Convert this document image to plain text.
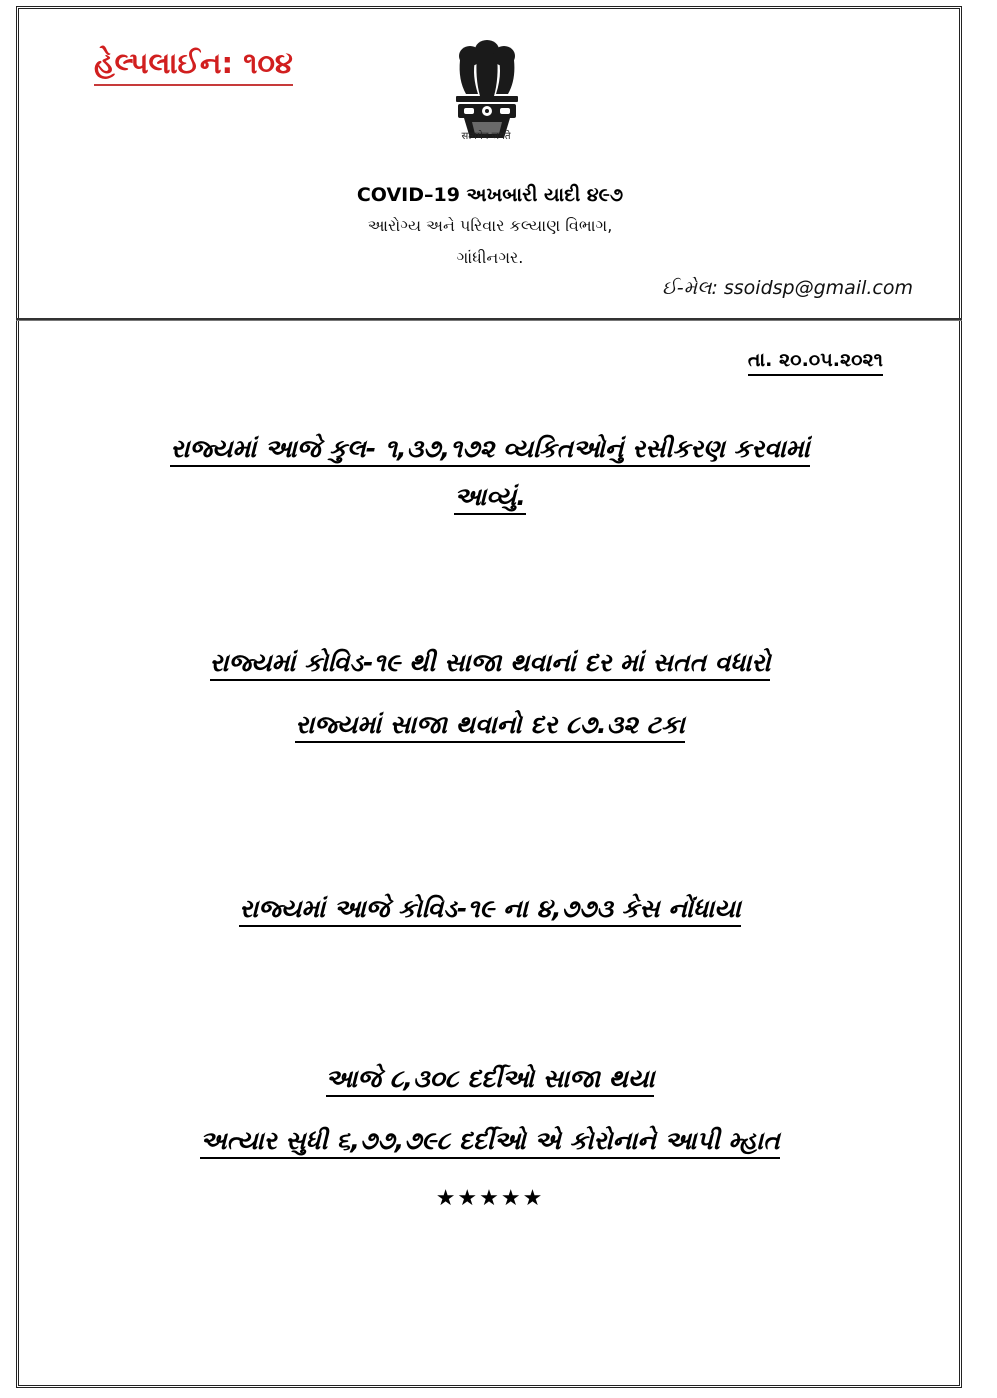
હેલ્પલાઈન: ૧૦૪
सत्यमेव जयते
COVID–19 અખબારી યાદી ૪૯૭
આરોગ્ય અને પરિવાર કલ્યાણ વિભાગ,
ગાંધીનગર.
ઈ-મેલ: ssoidsp@gmail.com
તા. ૨૦.૦૫.૨૦૨૧
રાજ્યમાં આજે કુલ- ૧,૩૭,૧૭૨ વ્યકિતઓનું રસીકરણ કરવામાં
આવ્યું.
રાજ્યમાં કોવિડ-૧૯ થી સાજા થવાનાં દર માં સતત વધારો
રાજ્યમાં સાજા થવાનો દર ૮૭.૩૨ ટકા
રાજ્યમાં આજે કોવિડ-૧૯ ના ૪,૭૭૩ કેસ નોંધાયા
આજે ૮,૩૦૮ દર્દીઓ સાજા થયા
અત્યાર સુધી ૬,૭૭,૭૯૮ દર્દીઓ એ કોરોનાને આપી મ્હાત
★★★★★
